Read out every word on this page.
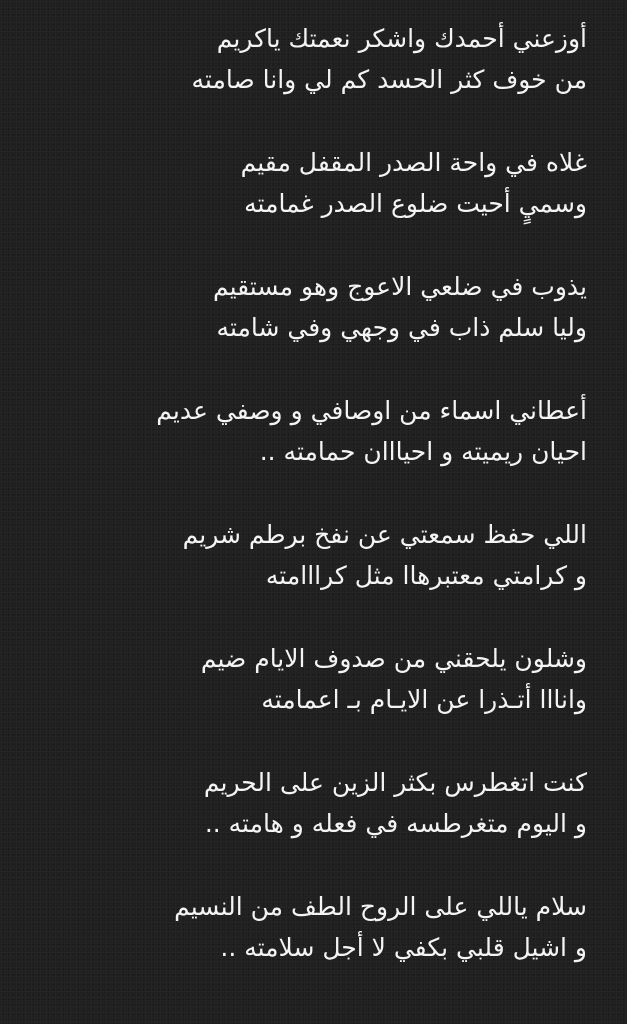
أوزعني أحمدك واشكر نعمتك ياكريم
من خوف كثر الحسد كم لي وانا صامته
غلاه في واحة الصدر المقفل مقيم
وسميٍ أحيت ضلوع الصدر غمامته
يذوب في ضلعي الاعوج وهو مستقيم
وليا سلم ذاب في وجهي وفي شامته
أعطاني اسماء من اوصافي و وصفي عديم
احيان ريميته و احيااان حمامته ..
اللي حفظ سمعتي عن نفخ برطم شريم
و كرامتي معتبرهاا مثل كرااامته
وشلون يلحقني من صدوف الايام ضيم
وانااا أتـذرا عن الايـام بـ اعمامته
كنت اتغطرس بكثر الزين على الحريم
و اليوم متغرطسه في فعله و هامته ..
سلام ياللي على الروح الطف من النسيم
و اشيل قلبي بكفي لا أجل سلامته ..
